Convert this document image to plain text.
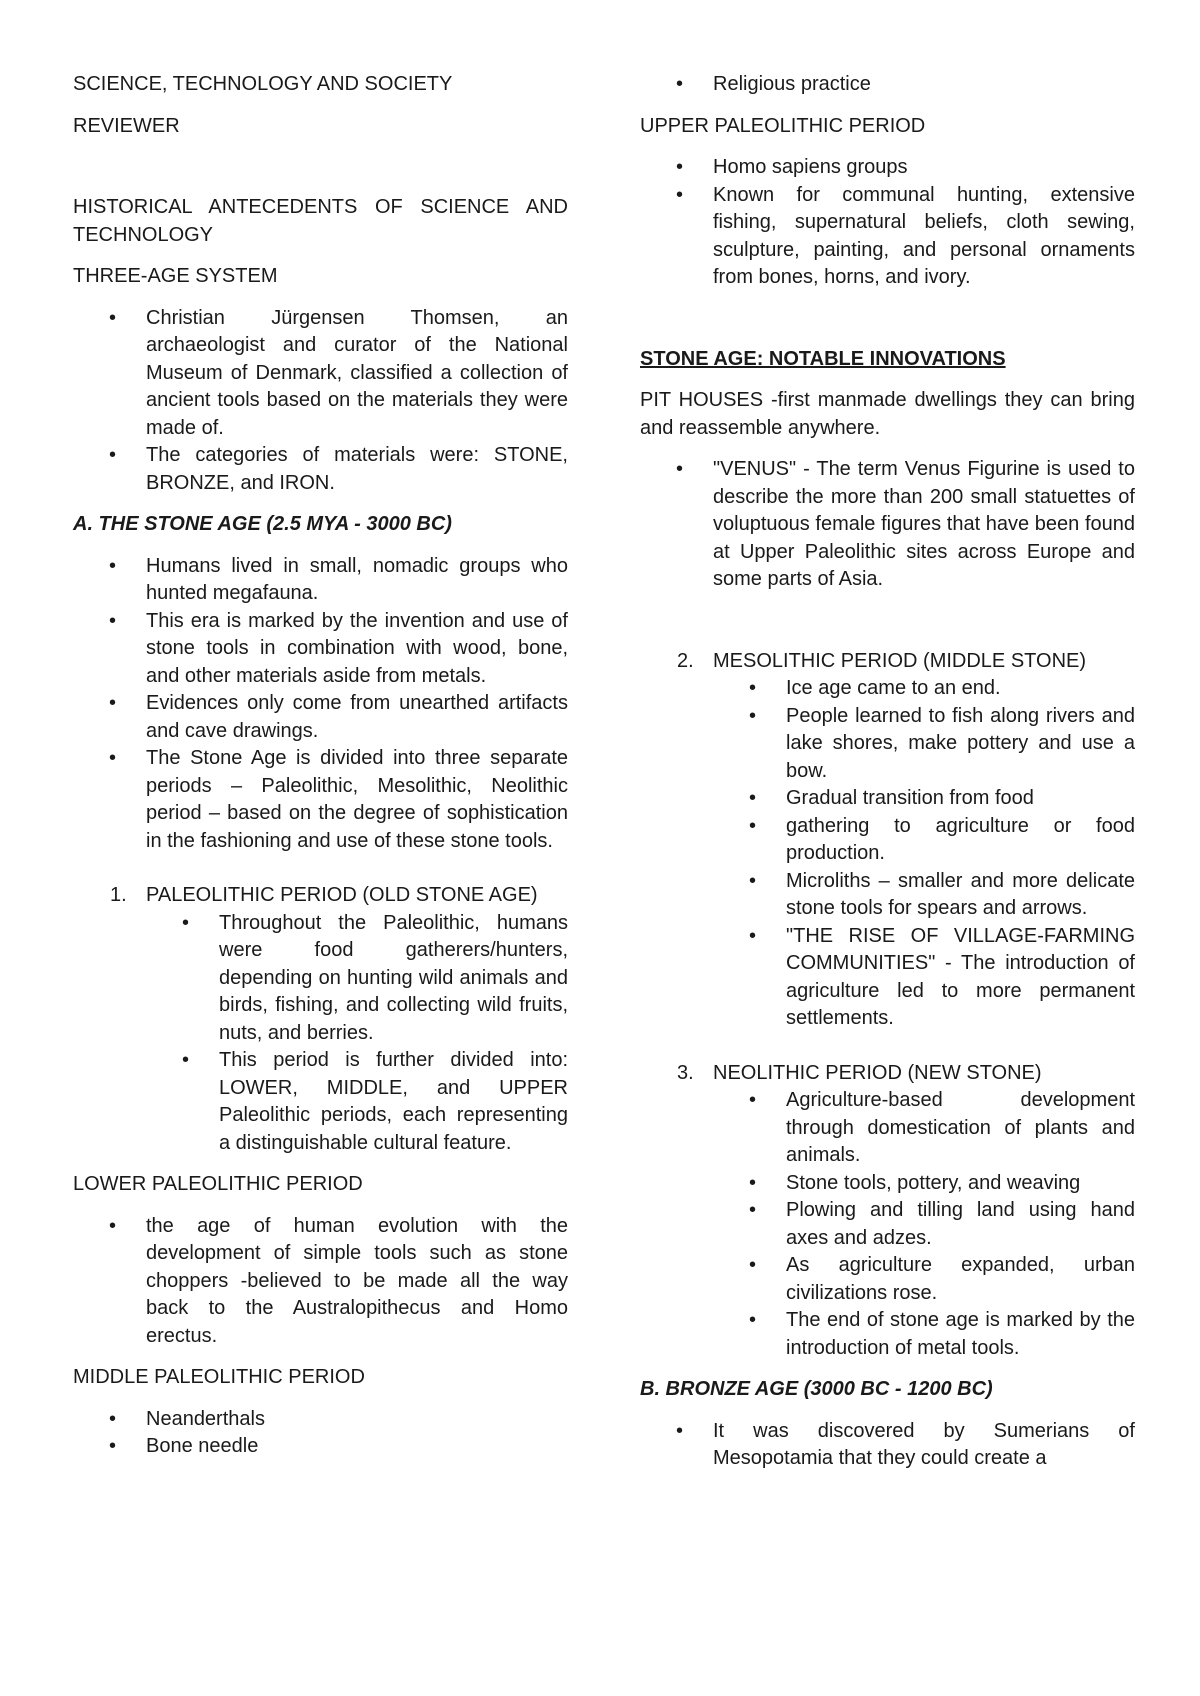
SCIENCE, TECHNOLOGY AND SOCIETY

REVIEWER

HISTORICAL ANTECEDENTS OF SCIENCE AND TECHNOLOGY

THREE-AGE SYSTEM

• Christian Jürgensen Thomsen, an archaeologist and curator of the National Museum of Denmark, classified a collection of ancient tools based on the materials they were made of.
• The categories of materials were: STONE, BRONZE, and IRON.

A. THE STONE AGE (2.5 MYA - 3000 BC)

• Humans lived in small, nomadic groups who hunted megafauna.
• This era is marked by the invention and use of stone tools in combination with wood, bone, and other materials aside from metals.
• Evidences only come from unearthed artifacts and cave drawings.
• The Stone Age is divided into three separate periods – Paleolithic, Mesolithic, Neolithic period – based on the degree of sophistication in the fashioning and use of these stone tools.
1. PALEOLITHIC PERIOD (OLD STONE AGE)
• Throughout the Paleolithic, humans were food gatherers/hunters, depending on hunting wild animals and birds, fishing, and collecting wild fruits, nuts, and berries.
• This period is further divided into: LOWER, MIDDLE, and UPPER Paleolithic periods, each representing a distinguishable cultural feature.

LOWER PALEOLITHIC PERIOD

• the age of human evolution with the development of simple tools such as stone choppers -believed to be made all the way back to the Australopithecus and Homo erectus.

MIDDLE PALEOLITHIC PERIOD

• Neanderthals
• Bone needle
• Religious practice

UPPER PALEOLITHIC PERIOD

• Homo sapiens groups
• Known for communal hunting, extensive fishing, supernatural beliefs, cloth sewing, sculpture, painting, and personal ornaments from bones, horns, and ivory.

STONE AGE: NOTABLE INNOVATIONS

PIT HOUSES -first manmade dwellings they can bring and reassemble anywhere.

• "VENUS" - The term Venus Figurine is used to describe the more than 200 small statuettes of voluptuous female figures that have been found at Upper Paleolithic sites across Europe and some parts of Asia.
2. MESOLITHIC PERIOD (MIDDLE STONE)
• Ice age came to an end.
• People learned to fish along rivers and lake shores, make pottery and use a bow.
• Gradual transition from food
• gathering to agriculture or food production.
• Microliths – smaller and more delicate stone tools for spears and arrows.
• "THE RISE OF VILLAGE-FARMING COMMUNITIES" - The introduction of agriculture led to more permanent settlements.
3. NEOLITHIC PERIOD (NEW STONE)
• Agriculture-based development through domestication of plants and animals.
• Stone tools, pottery, and weaving
• Plowing and tilling land using hand axes and adzes.
• As agriculture expanded, urban civilizations rose.
• The end of stone age is marked by the introduction of metal tools.

B. BRONZE AGE (3000 BC - 1200 BC)

• It was discovered by Sumerians of Mesopotamia that they could create a
